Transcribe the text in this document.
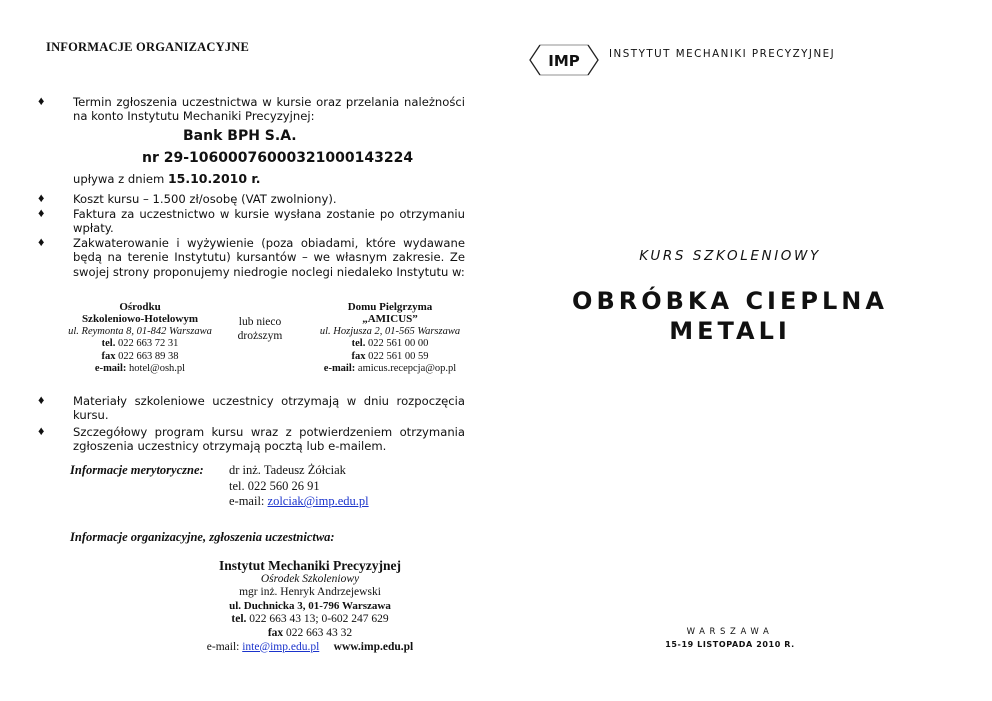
INFORMACJE ORGANIZACYJNE
♦ Termin zgłoszenia uczestnictwa w kursie oraz przelania należności na konto Instytutu Mechaniki Precyzyjnej:
Bank BPH S.A.
nr 29-10600076000321000143224
upływa z dniem 15.10.2010 r.
♦ Koszt kursu – 1.500 zł/osobę (VAT zwolniony).
♦ Faktura za uczestnictwo w kursie wysłana zostanie po otrzymaniu wpłaty.
♦ Zakwaterowanie i wyżywienie (poza obiadami, które wydawane będą na terenie Instytutu) kursantów – we własnym zakresie. Ze swojej strony proponujemy niedrogie noclegi niedaleko Instytutu w:
Ośrodku
Szkoleniowo-Hotelowym
ul. Reymonta 8, 01-842 Warszawa
tel. 022 663 72 31
fax 022 663 89 38
e-mail: hotel@osh.pl
lub nieco
droższym
Domu Pielgrzyma
„AMICUS”
ul. Hozjusza 2, 01-565 Warszawa
tel. 022 561 00 00
fax 022 561 00 59
e-mail: amicus.recepcja@op.pl
♦ Materiały szkoleniowe uczestnicy otrzymają w dniu rozpoczęcia kursu.
♦ Szczegółowy program kursu wraz z potwierdzeniem otrzymania zgłoszenia uczestnicy otrzymają pocztą lub e-mailem.
Informacje merytoryczne: dr inż. Tadeusz Żółciak
tel. 022 560 26 91
e-mail: zolciak@imp.edu.pl
Informacje organizacyjne, zgłoszenia uczestnictwa:
Instytut Mechaniki Precyzyjnej
Ośrodek Szkoleniowy
mgr inż. Henryk Andrzejewski
ul. Duchnicka 3, 01-796 Warszawa
tel. 022 663 43 13; 0-602 247 629
fax 022 663 43 32
e-mail: inte@imp.edu.pl www.imp.edu.pl
IMP	INSTYTUT MECHANIKI PRECYZYJNEJ
KURS SZKOLENIOWY
OBRÓBKA CIEPLNA
METALI
WARSZAWA
15-19 LISTOPADA 2010 R.
